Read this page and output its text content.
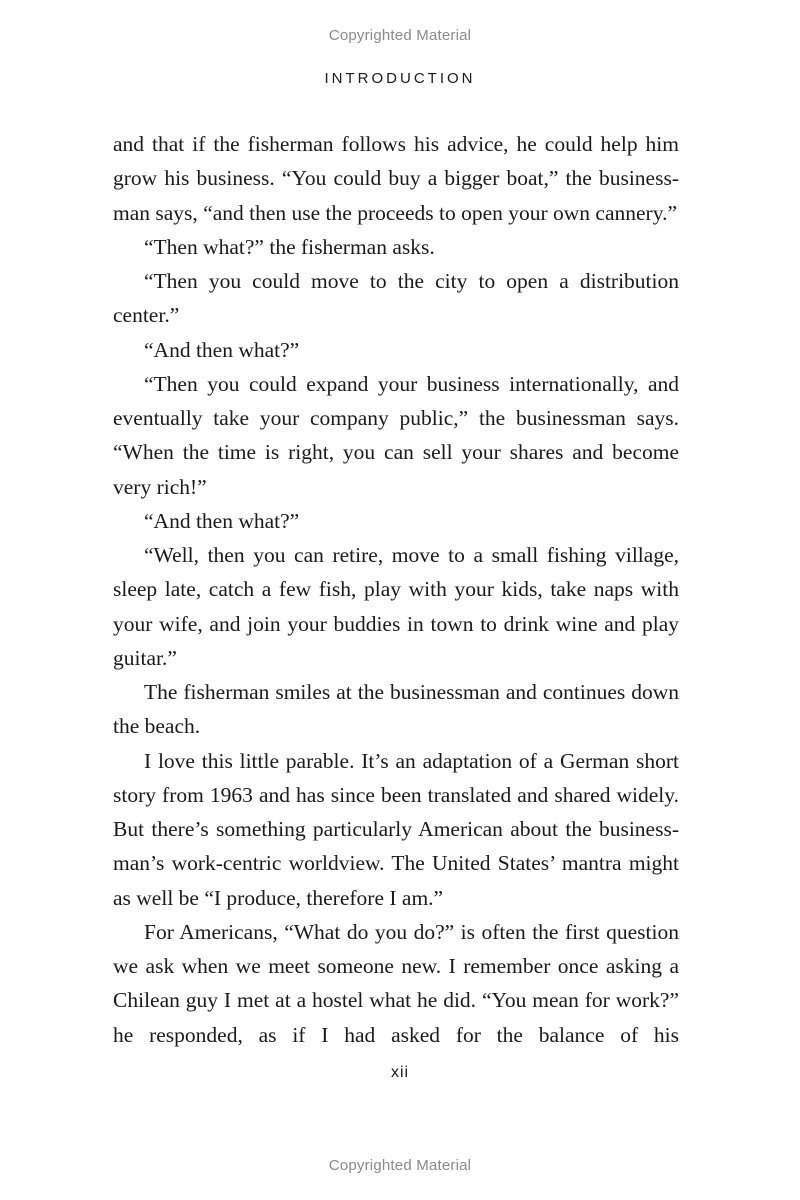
Copyrighted Material
INTRODUCTION

and that if the fisherman follows his advice, he could help him grow his business. “You could buy a bigger boat,” the businessman says, “and then use the proceeds to open your own cannery.”

“Then what?” the fisherman asks.

“Then you could move to the city to open a distribution center.”

“And then what?”

“Then you could expand your business internationally, and eventually take your company public,” the businessman says. “When the time is right, you can sell your shares and become very rich!”

“And then what?”

“Well, then you can retire, move to a small fishing village, sleep late, catch a few fish, play with your kids, take naps with your wife, and join your buddies in town to drink wine and play guitar.”

The fisherman smiles at the businessman and continues down the beach.

I love this little parable. It’s an adaptation of a German short story from 1963 and has since been translated and shared widely. But there’s something particularly American about the businessman’s work-centric worldview. The United States’ mantra might as well be “I produce, therefore I am.”

For Americans, “What do you do?” is often the first question we ask when we meet someone new. I remember once asking a Chilean guy I met at a hostel what he did. “You mean for work?” he responded, as if I had asked for the balance of his

xii
Copyrighted Material
